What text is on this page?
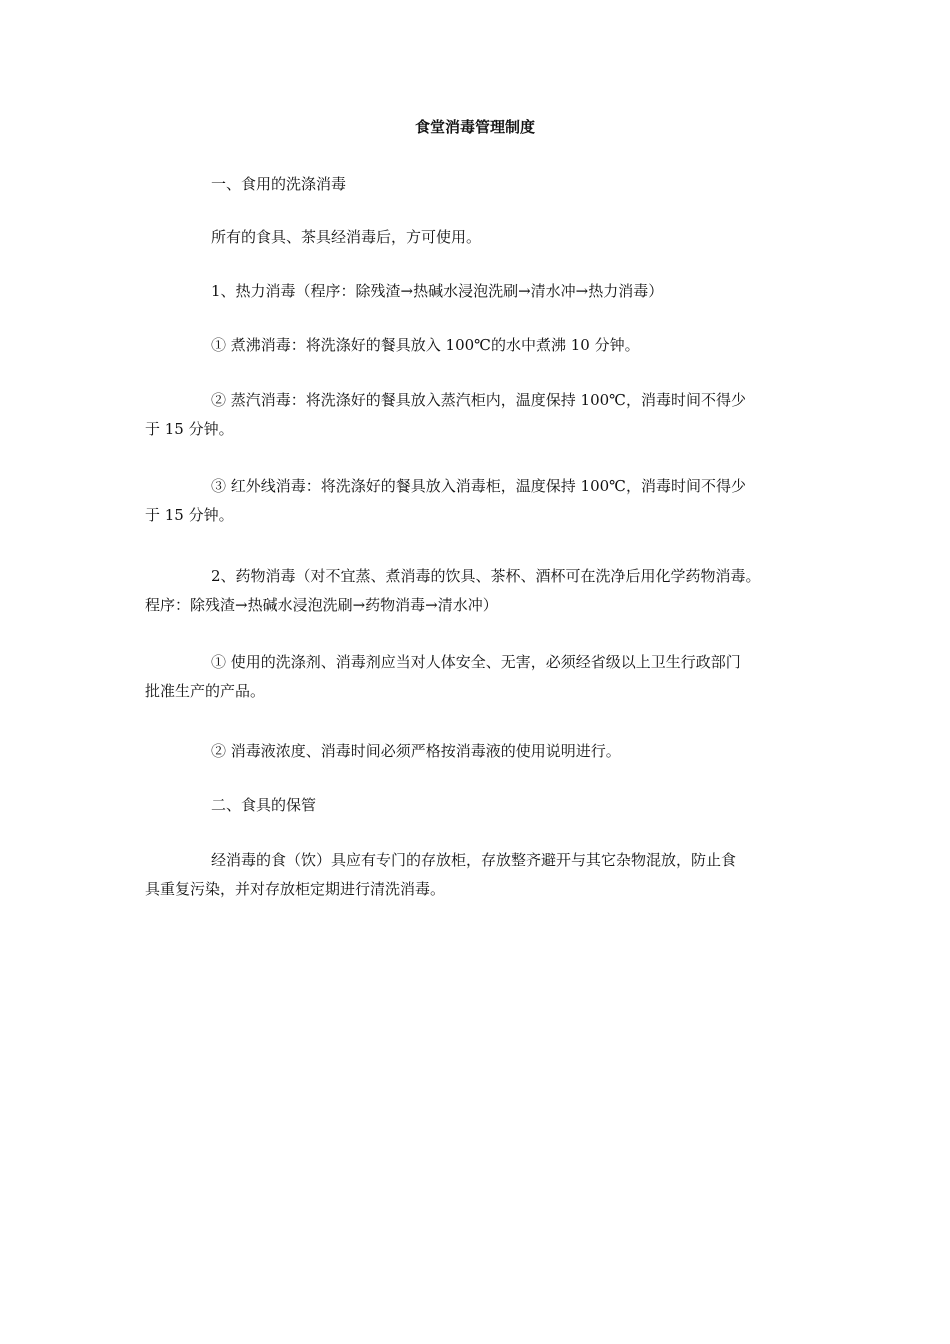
食堂消毒管理制度
一、食用的洗涤消毒
所有的食具、茶具经消毒后，方可使用。
1、热力消毒（程序：除残渣→热碱水浸泡洗刷→清水冲→热力消毒）
① 煮沸消毒：将洗涤好的餐具放入 100℃的水中煮沸 10 分钟。
② 蒸汽消毒：将洗涤好的餐具放入蒸汽柜内，温度保持 100℃，消毒时间不得少
于 15 分钟。
③ 红外线消毒：将洗涤好的餐具放入消毒柜，温度保持 100℃，消毒时间不得少
于 15 分钟。
2、药物消毒（对不宜蒸、煮消毒的饮具、茶杯、酒杯可在洗净后用化学药物消毒。
程序：除残渣→热碱水浸泡洗刷→药物消毒→清水冲）
① 使用的洗涤剂、消毒剂应当对人体安全、无害，必须经省级以上卫生行政部门
批准生产的产品。
② 消毒液浓度、消毒时间必须严格按消毒液的使用说明进行。
二、食具的保管
经消毒的食（饮）具应有专门的存放柜，存放整齐避开与其它杂物混放，防止食
具重复污染，并对存放柜定期进行清洗消毒。
